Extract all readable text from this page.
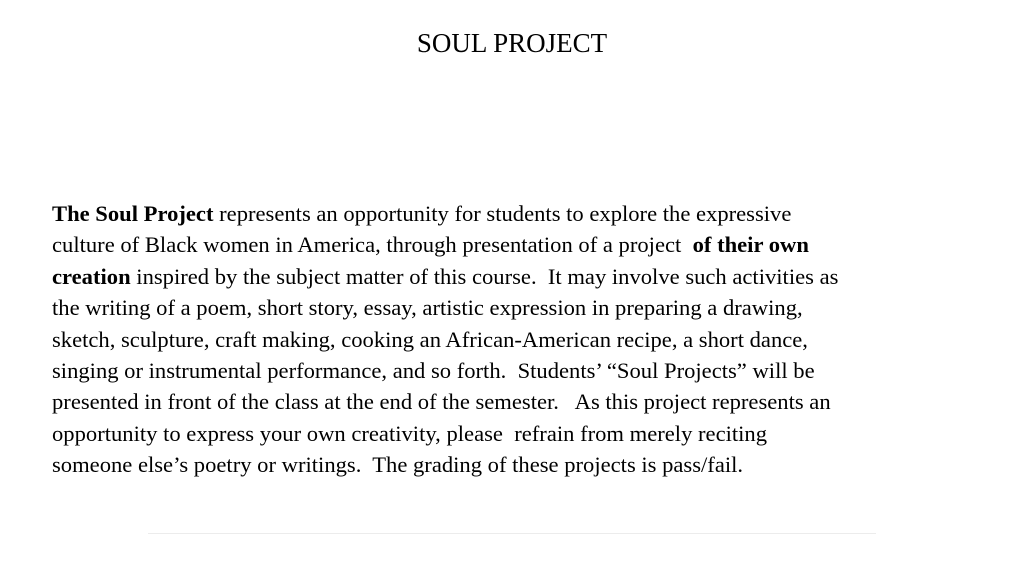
SOUL PROJECT
The Soul Project represents an opportunity for students to explore the expressive
culture of Black women in America, through presentation of a project  of their own
creation inspired by the subject matter of this course.  It may involve such activities as
the writing of a poem, short story, essay, artistic expression in preparing a drawing,
sketch, sculpture, craft making, cooking an African-American recipe, a short dance,
singing or instrumental performance, and so forth.  Students’ “Soul Projects” will be
presented in front of the class at the end of the semester.   As this project represents an
opportunity to express your own creativity, please  refrain from merely reciting
someone else’s poetry or writings.  The grading of these projects is pass/fail.
